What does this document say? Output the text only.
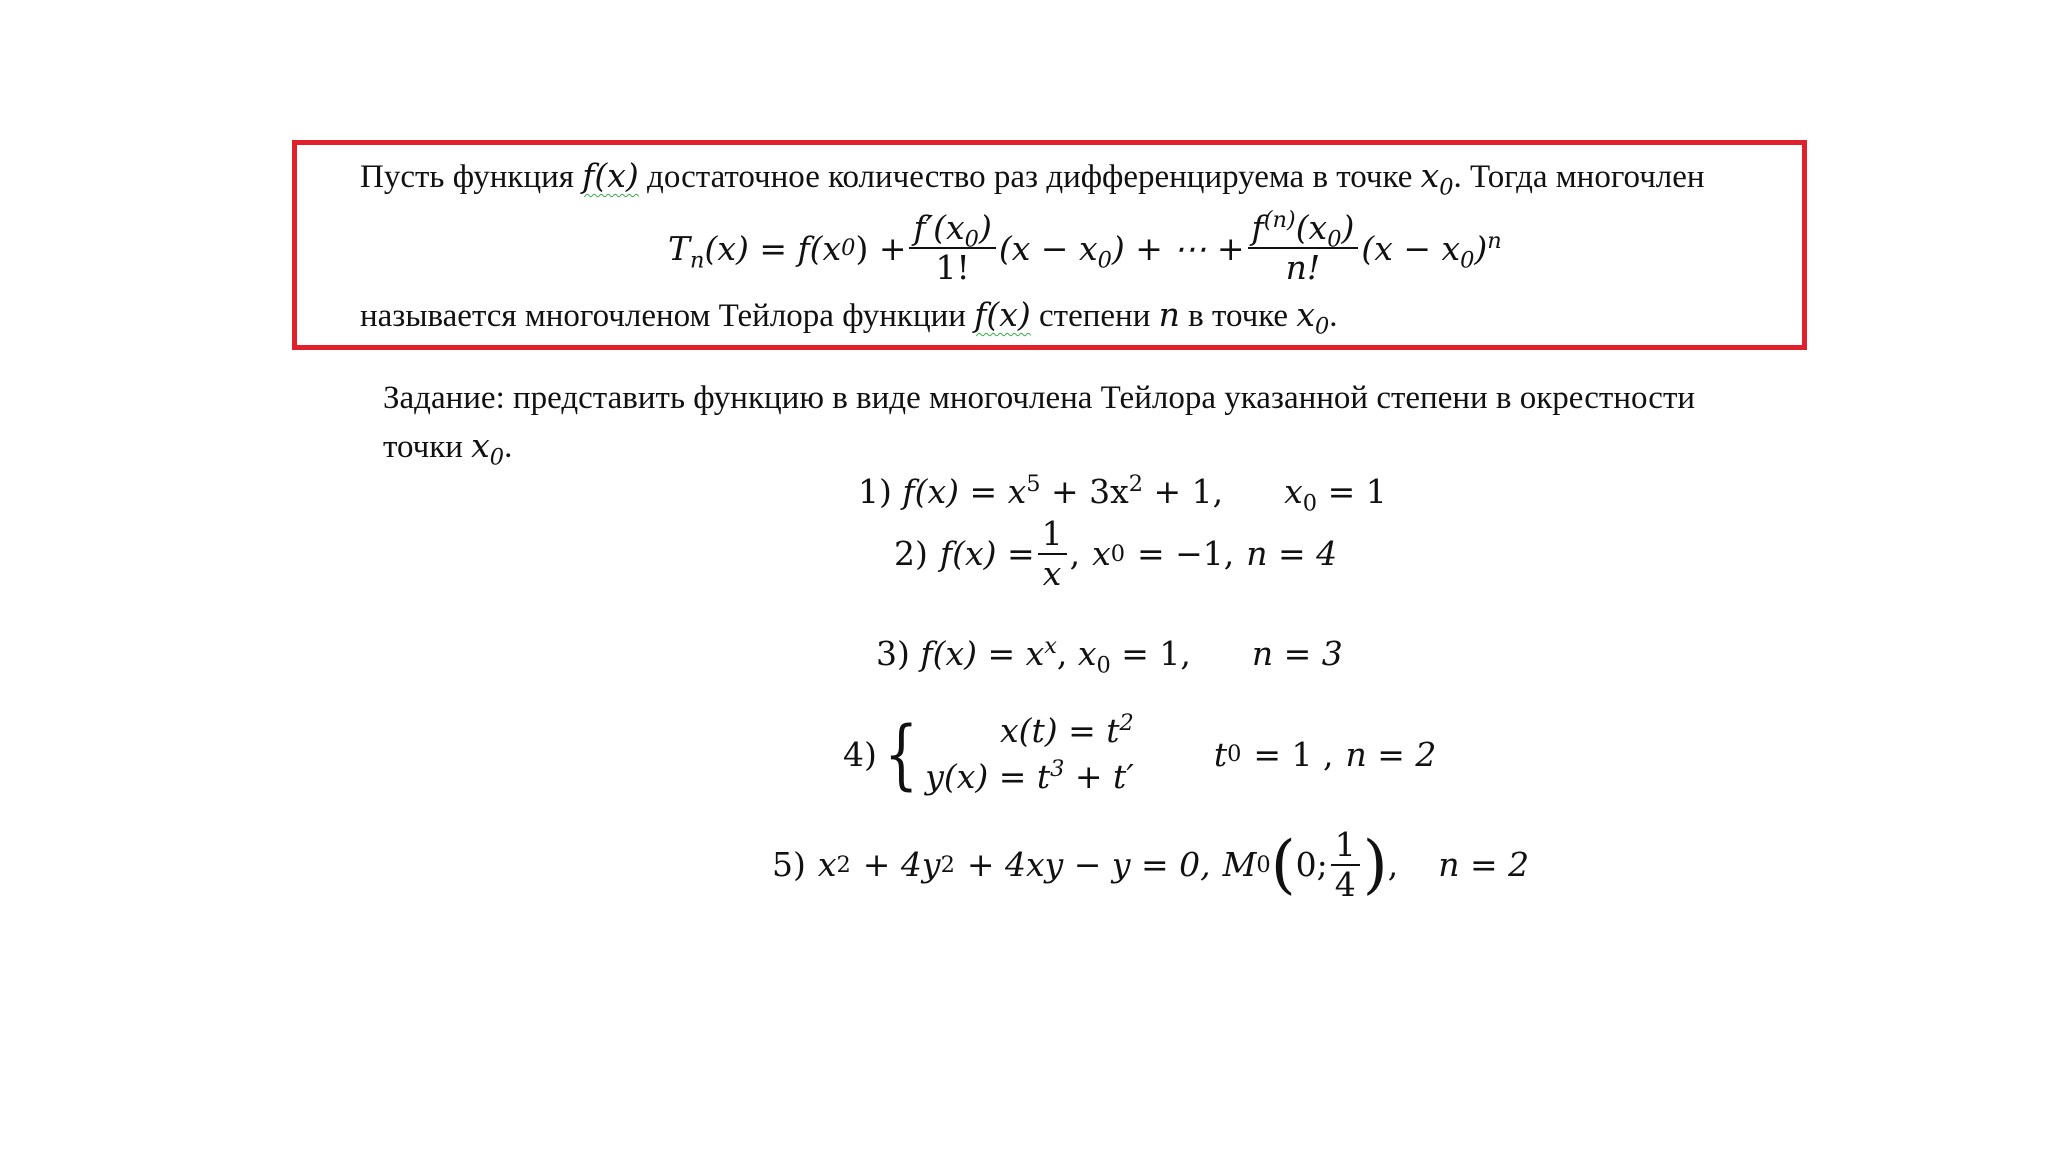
Пусть функция f(x) достаточное количество раз дифференцируема в точке $x_0$. Тогда многочлен
$T_n$ (x) = f(x 0 ) + $\frac{f'(x_0)}{1!} (x - x_0)$ + ⋯ + $\frac{f^{(n)}(x_0)}{n!} (x - x_0)^n$
называется многочленом Тейлора функции f(x) степени n в точке $x_0$.
Задание: представить функцию в виде многочлена Тейлора указанной степени в окрестности
точки $x_0$.
1) $f(x) = x^5 + 3x^2 + 1$, $x_0 = 1$
2) $f(x) = \frac{1}{x}$ , x 0 = −1, n = 4
3) $f(x) = x^x$, $x_0 = 1$, n = 3
4) {	$x(t) = t^2$
$y(x) = t^3 + t'$
t 0 = 1 , n = 2
5) x 2 + 4y 2 + 4xy − y = 0, M 0 ( 0; $\frac{1}{4}$ ) , n = 2
